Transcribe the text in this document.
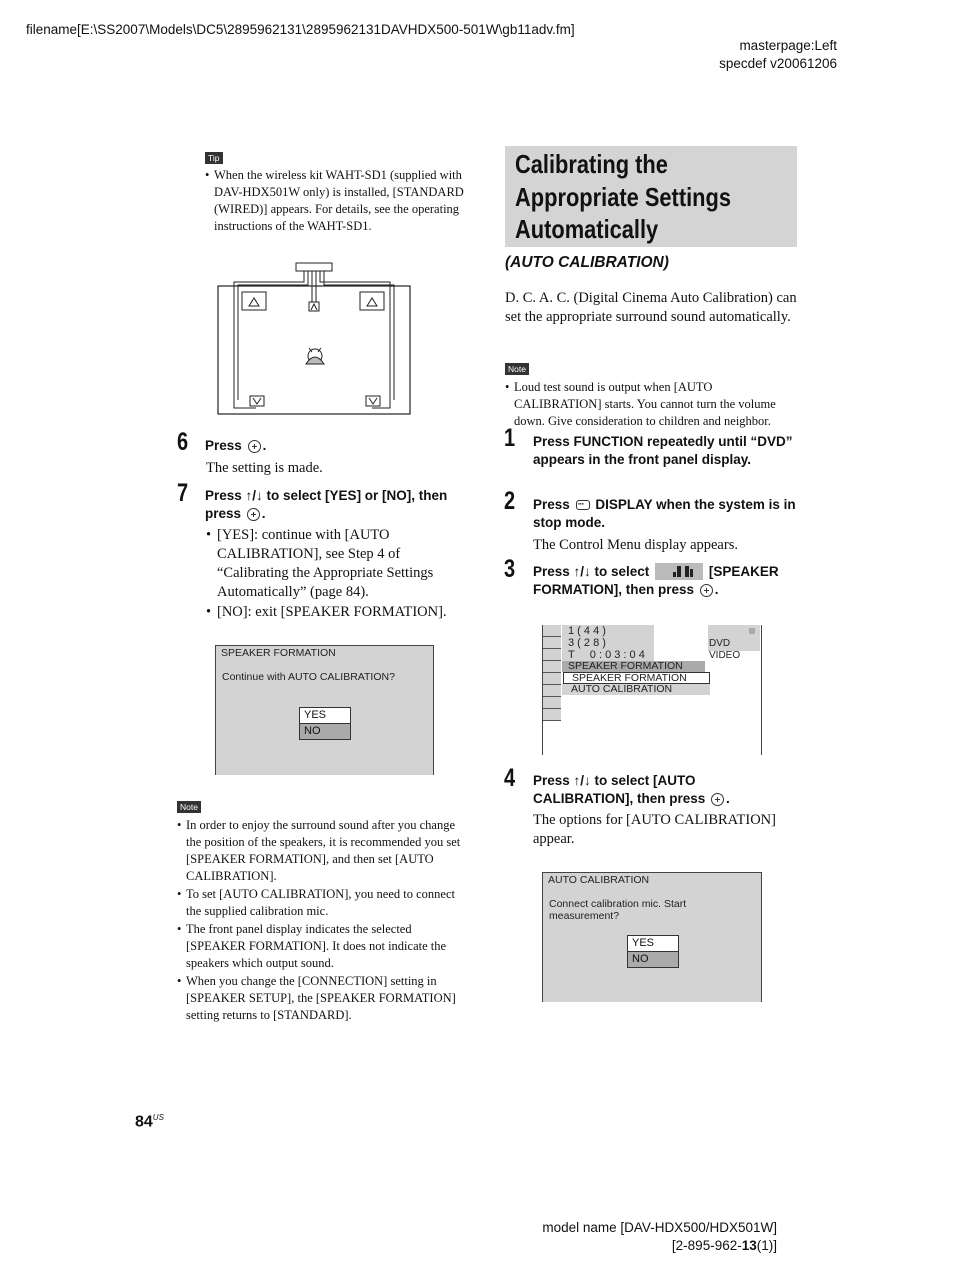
filename[E:\SS2007\Models\DC5\2895962131\2895962131DAVHDX500-501W\gb11adv.fm]
masterpage:Left
specdef v20061206
Tip
• When the wireless kit WAHT-SD1 (supplied with DAV-HDX501W only) is installed, [STANDARD (WIRED)] appears. For details, see the operating instructions of the WAHT-SD1.
6 Press .
The setting is made.
7 Press ↑/↓ to select [YES] or [NO], then press .
• [YES]: continue with [AUTO CALIBRATION], see Step 4 of “Calibrating the Appropriate Settings Automatically” (page 84).
• [NO]: exit [SPEAKER FORMATION].
SPEAKER FORMATION
Continue with AUTO CALIBRATION?
YES
NO
Note
• In order to enjoy the surround sound after you change the position of the speakers, it is recommended you set [SPEAKER FORMATION], and then set [AUTO CALIBRATION].
• To set [AUTO CALIBRATION], you need to connect the supplied calibration mic.
• The front panel display indicates the selected [SPEAKER FORMATION]. It does not indicate the speakers which output sound.
• When you change the [CONNECTION] setting in [SPEAKER SETUP], the [SPEAKER FORMATION] setting returns to [STANDARD].
Calibrating the
Appropriate Settings
Automatically
(AUTO CALIBRATION)
D. C. A. C. (Digital Cinema Auto Calibration) can set the appropriate surround sound automatically.
Note
• Loud test sound is output when [AUTO CALIBRATION] starts. You cannot turn the volume down. Give consideration to children and neighbor.
1 Press FUNCTION repeatedly until “DVD” appears in the front panel display.
2 Press ··· DISPLAY when the system is in stop mode.
The Control Menu display appears.
3 Press ↑/↓ to select	[SPEAKER FORMATION], then press .
1 ( 4 4 )
3 ( 2 8 )
T     0 : 0 3 : 0 4
DVD VIDEO
SPEAKER FORMATION
SPEAKER FORMATION
AUTO CALIBRATION
4 Press ↑/↓ to select [AUTO CALIBRATION], then press .
The options for [AUTO CALIBRATION] appear.
AUTO CALIBRATION
Connect calibration mic. Start measurement?
YES
NO
$84^{US}$
model name [DAV-HDX500/HDX501W]
[2-895-962-13(1)]
